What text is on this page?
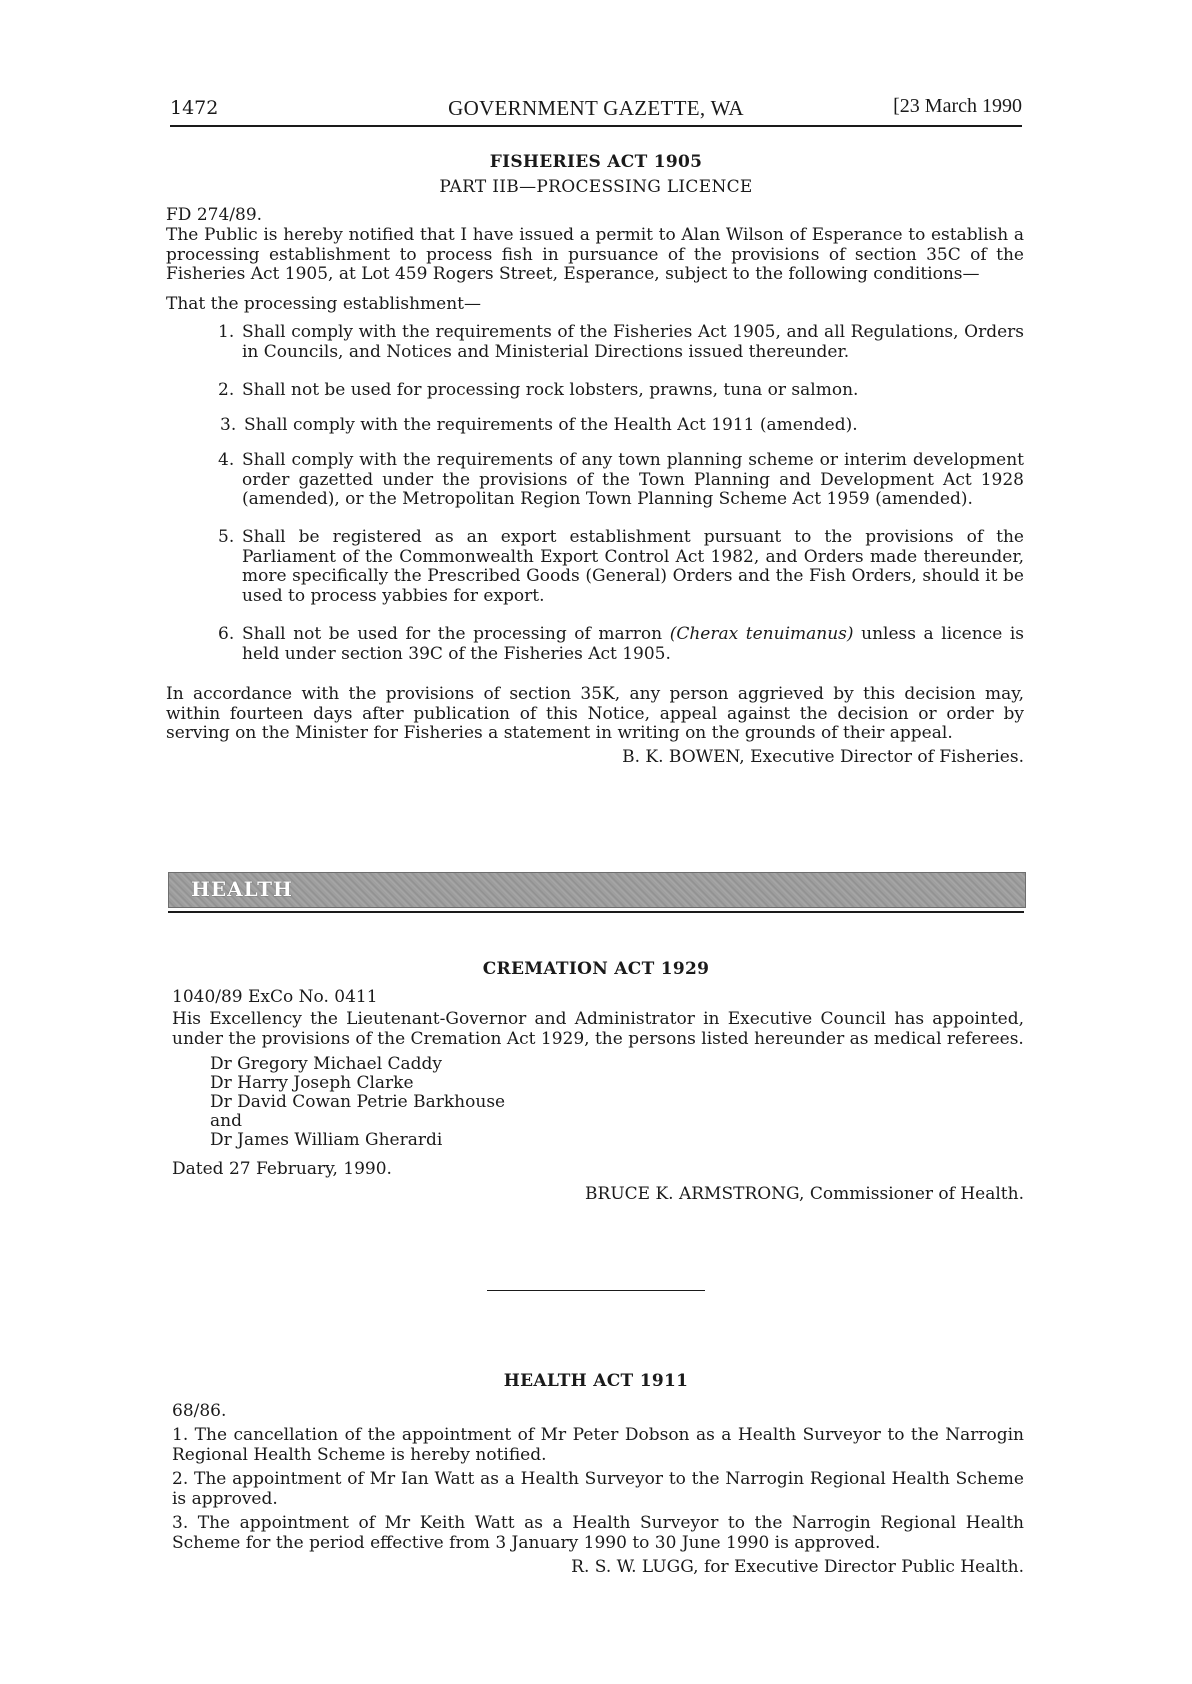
1472	GOVERNMENT GAZETTE, WA	[23 March 1990
FISHERIES ACT 1905
PART IIB—PROCESSING LICENCE
FD 274/89.
The Public is hereby notified that I have issued a permit to Alan Wilson of Esperance to establish a processing establishment to process fish in pursuance of the provisions of section 35C of the Fisheries Act 1905, at Lot 459 Rogers Street, Esperance, subject to the following conditions—
That the processing establishment—
1. Shall comply with the requirements of the Fisheries Act 1905, and all Regulations, Orders in Councils, and Notices and Ministerial Directions issued thereunder.
2. Shall not be used for processing rock lobsters, prawns, tuna or salmon.
3. Shall comply with the requirements of the Health Act 1911 (amended).
4. Shall comply with the requirements of any town planning scheme or interim development order gazetted under the provisions of the Town Planning and Development Act 1928 (amended), or the Metropolitan Region Town Planning Scheme Act 1959 (amended).
5. Shall be registered as an export establishment pursuant to the provisions of the Parliament of the Commonwealth Export Control Act 1982, and Orders made thereunder, more specifically the Prescribed Goods (General) Orders and the Fish Orders, should it be used to process yabbies for export.
6. Shall not be used for the processing of marron (Cherax tenuimanus) unless a licence is held under section 39C of the Fisheries Act 1905.
In accordance with the provisions of section 35K, any person aggrieved by this decision may, within fourteen days after publication of this Notice, appeal against the decision or order by serving on the Minister for Fisheries a statement in writing on the grounds of their appeal.
B. K. BOWEN, Executive Director of Fisheries.
HEALTH
CREMATION ACT 1929
1040/89 ExCo No. 0411
His Excellency the Lieutenant-Governor and Administrator in Executive Council has appointed, under the provisions of the Cremation Act 1929, the persons listed hereunder as medical referees.
Dr Gregory Michael Caddy
Dr Harry Joseph Clarke
Dr David Cowan Petrie Barkhouse
and
Dr James William Gherardi
Dated 27 February, 1990.
BRUCE K. ARMSTRONG, Commissioner of Health.
HEALTH ACT 1911
68/86.
1. The cancellation of the appointment of Mr Peter Dobson as a Health Surveyor to the Narrogin Regional Health Scheme is hereby notified.
2. The appointment of Mr Ian Watt as a Health Surveyor to the Narrogin Regional Health Scheme is approved.
3. The appointment of Mr Keith Watt as a Health Surveyor to the Narrogin Regional Health Scheme for the period effective from 3 January 1990 to 30 June 1990 is approved.
R. S. W. LUGG, for Executive Director Public Health.
